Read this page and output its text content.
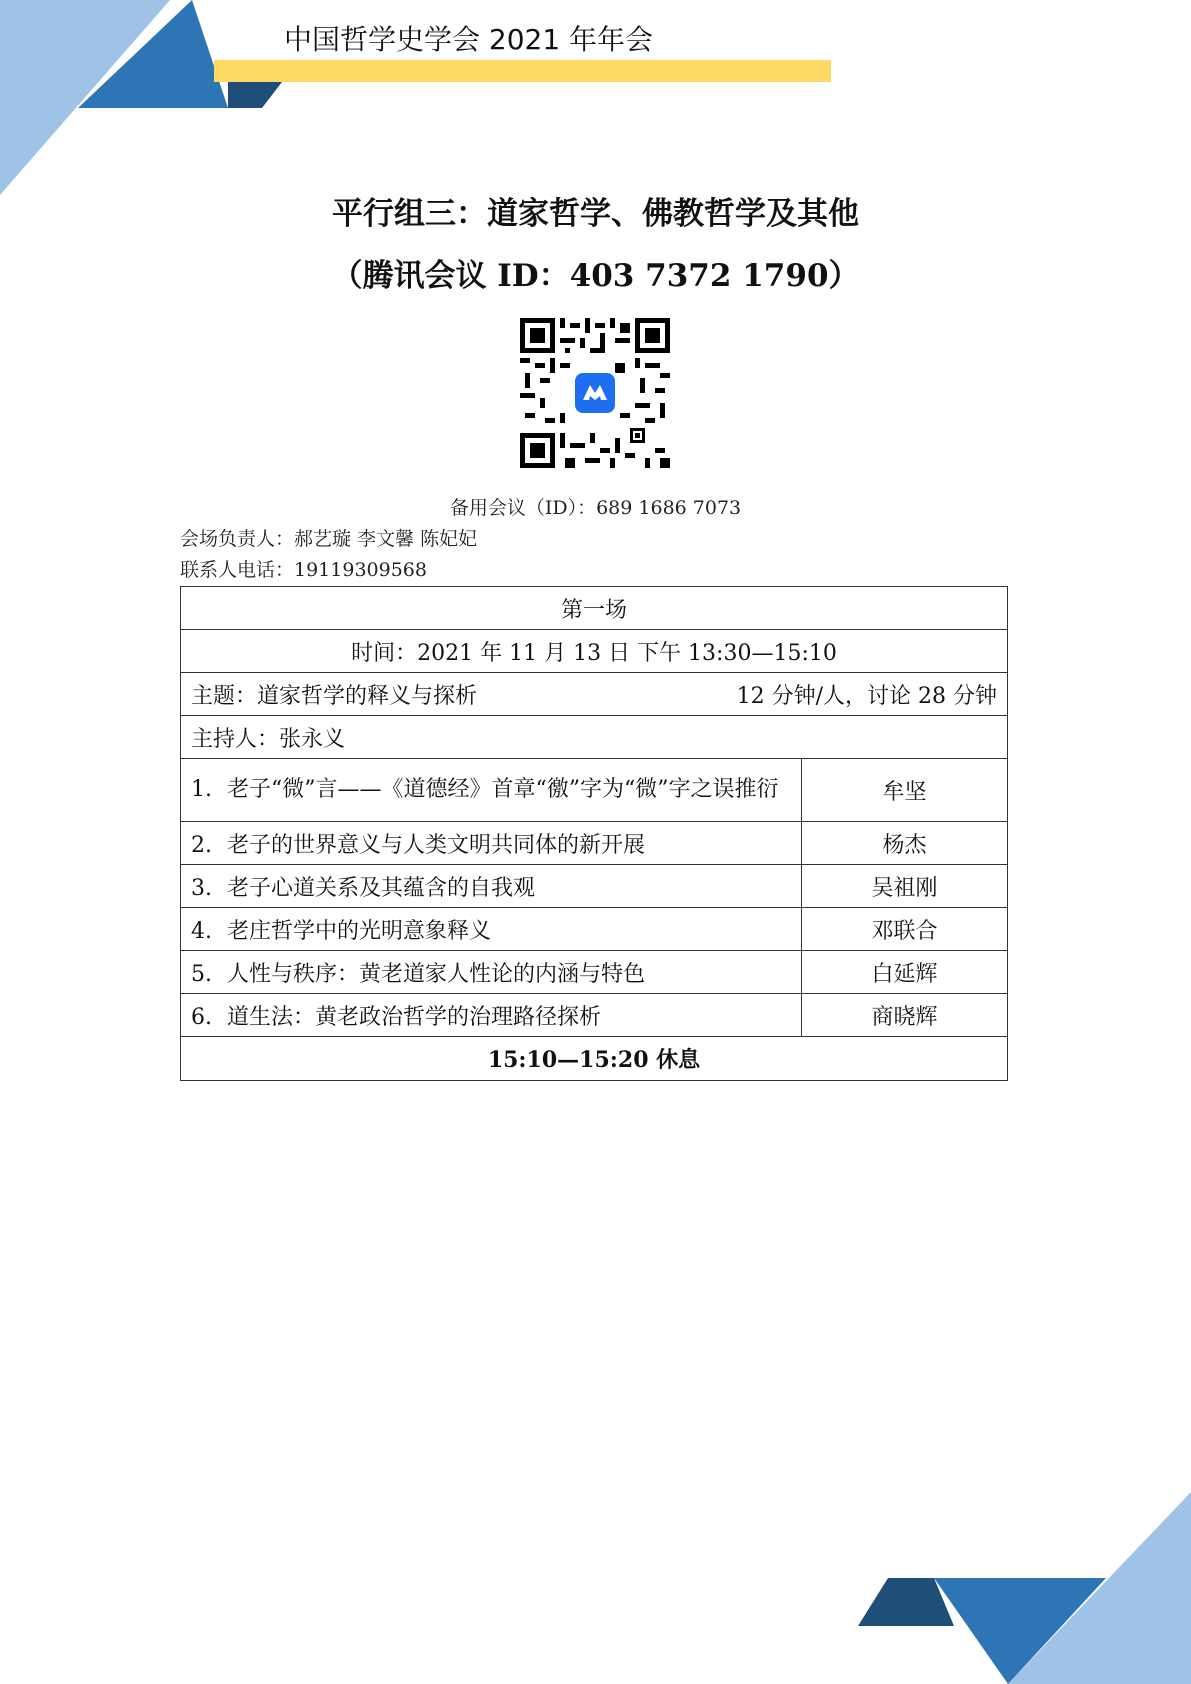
中国哲学史学会 2021 年年会
平行组三：道家哲学、佛教哲学及其他
（腾讯会议 ID：403 7372 1790）
备用会议（ID）：689 1686 7073
会场负责人：郝艺璇 李文馨 陈妃妃
联系人电话：19119309568
第一场	
时间：2021 年 11 月 13 日 下午 13:30—15:10	

主题：道家哲学的释义与探析 12 分钟/人，讨论 28 分钟	

主持人：张永义	

1. 老子“微”言——《道德经》首章“徼”字为“微”字之误推衍	牟坚
2. 老子的世界意义与人类文明共同体的新开展	杨杰
3. 老子心道关系及其蕴含的自我观	吴祖刚
4. 老庄哲学中的光明意象释义	邓联合
5. 人性与秩序：黄老道家人性论的内涵与特色	白延辉
6. 道生法：黄老政治哲学的治理路径探析	商晓辉
15:10—15:20 休息	
